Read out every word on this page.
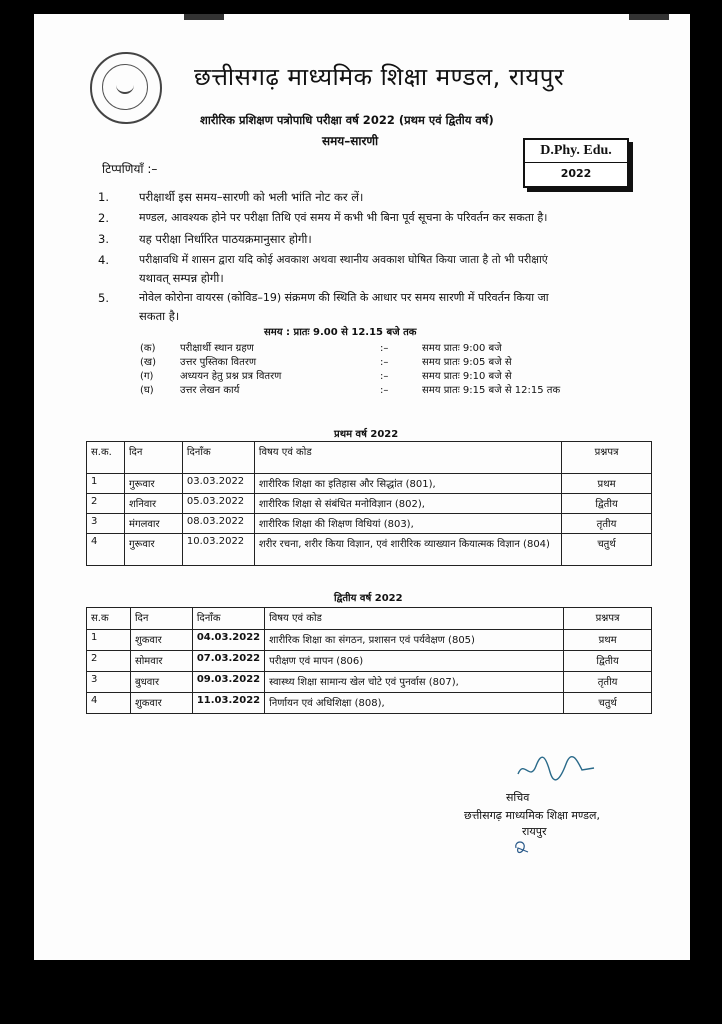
छत्तीसगढ़ माध्यमिक शिक्षा मण्डल, रायपुर
शारीरिक प्रशिक्षण पत्रोपाधि परीक्षा वर्ष 2022 (प्रथम एवं द्वितीय वर्ष)
समय–सारणी
D.Phy. Edu.
2022
टिप्पणियाँ :–
1.	परीक्षार्थी इस समय–सारणी को भली भांति नोट कर लें।
2.	मण्डल, आवश्यक होने पर परीक्षा तिथि एवं समय में कभी भी बिना पूर्व सूचना के परिवर्तन कर सकता है।
3.	यह परीक्षा निर्धारित पाठयक्रमानुसार होगी।
4.	परीक्षावधि में शासन द्वारा यदि कोई अवकाश अथवा स्थानीय अवकाश घोषित किया जाता है तो भी परीक्षाएं
यथावत् सम्पन्न होगी।
5.	नोवेल कोरोना वायरस (कोविड–19) संक्रमण की स्थिति के आधार पर समय सारणी में परिवर्तन किया जा
सकता है।
समय : प्रातः 9.00 से 12.15 बजे तक
(क) परीक्षार्थी स्थान ग्रहण	:–	समय प्रातः 9:00 बजे
(ख) उत्तर पुस्तिका वितरण	:–	समय प्रातः 9:05 बजे से
(ग)	अध्ययन हेतु प्रश्न प्रत्र वितरण	:–	समय प्रातः 9:10 बजे से
(घ)	उत्तर लेखन कार्य	:–	समय प्रातः 9:15 बजे से 12:15 तक
प्रथम वर्ष 2022
स.क.	दिन	दिनाँक	विषय एवं कोड	प्रश्नपत्र
1	गुरूवार	03.03.2022	शारीरिक शिक्षा का इतिहास और सिद्धांत (801),	प्रथम
2	शनिवार	05.03.2022	शारीरिक शिक्षा से संबंधित मनोविज्ञान (802),	द्वितीय
3	मंगलवार	08.03.2022	शारीरिक शिक्षा की शिक्षण विधियां (803),	तृतीय
4	गुरूवार	10.03.2022	शरीर रचना, शरीर किया विज्ञान, एवं शारीरिक व्याख्यान कियात्मक विज्ञान (804)	चतुर्थ
द्वितीय वर्ष 2022
स.क	दिन	दिनाँक	विषय एवं कोड	प्रश्नपत्र
1	शुकवार	04.03.2022	शारीरिक शिक्षा का संगठन, प्रशासन एवं पर्यवेक्षण (805)	प्रथम
2	सोमवार	07.03.2022	परीक्षण एवं मापन (806)	द्वितीय
3	बुधवार	09.03.2022	स्वास्थ्य शिक्षा सामान्य खेल चोटे एवं पुनर्वास (807),	तृतीय
4	शुकवार	11.03.2022	निर्णायन एवं अधिशिक्षा (808),	चतुर्थ
सचिव
छत्तीसगढ़ माध्यमिक शिक्षा मण्डल,
रायपुर
